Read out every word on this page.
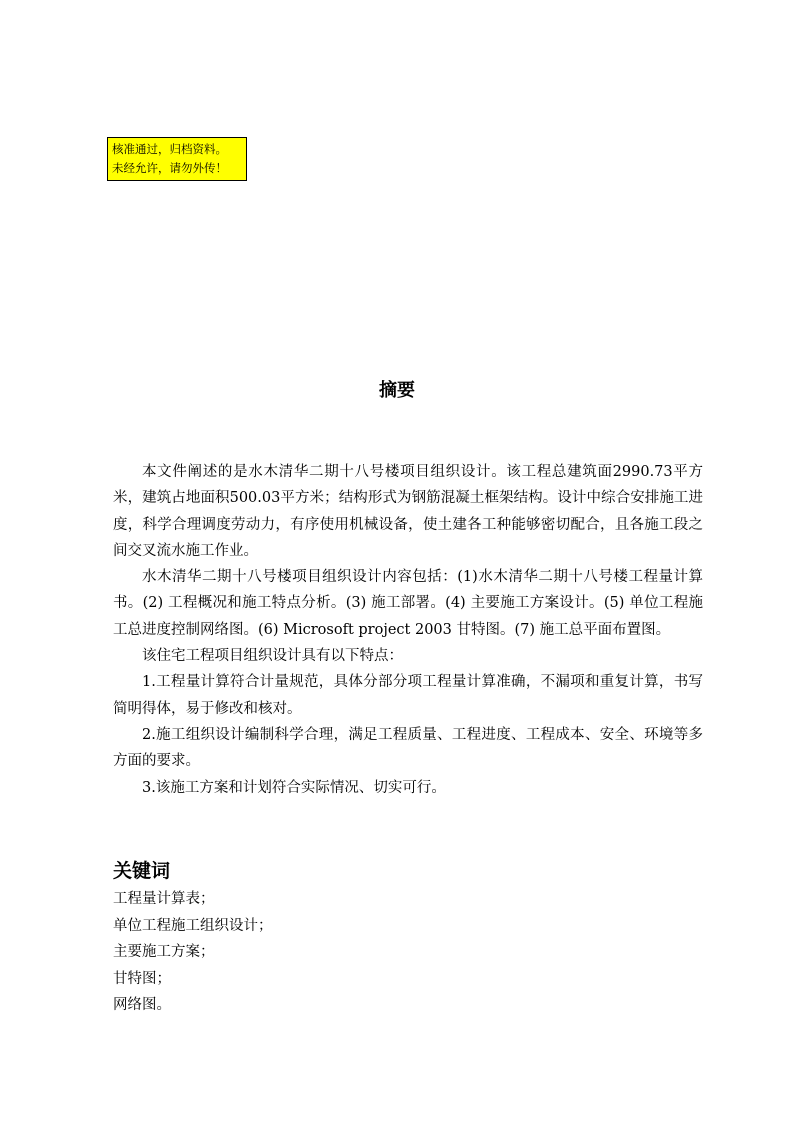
核准通过，归档资料。
未经允许，请勿外传！
摘要

本文件阐述的是水木清华二期十八号楼项目组织设计。该工程总建筑面2990.73平方米，建筑占地面积500.03平方米；结构形式为钢筋混凝土框架结构。设计中综合安排施工进度，科学合理调度劳动力，有序使用机械设备，使土建各工种能够密切配合，且各施工段之间交叉流水施工作业。

水木清华二期十八号楼项目组织设计内容包括：(1)水木清华二期十八号楼工程量计算书。(2) 工程概况和施工特点分析。(3) 施工部署。(4) 主要施工方案设计。(5) 单位工程施工总进度控制网络图。(6) Microsoft project 2003 甘特图。(7) 施工总平面布置图。

该住宅工程项目组织设计具有以下特点：

1.工程量计算符合计量规范，具体分部分项工程量计算准确，不漏项和重复计算，书写简明得体，易于修改和核对。

2.施工组织设计编制科学合理，满足工程质量、工程进度、工程成本、安全、环境等多方面的要求。

3.该施工方案和计划符合实际情况、切实可行。

关键词
工程量计算表；
单位工程施工组织设计；
主要施工方案；
甘特图；
网络图。
